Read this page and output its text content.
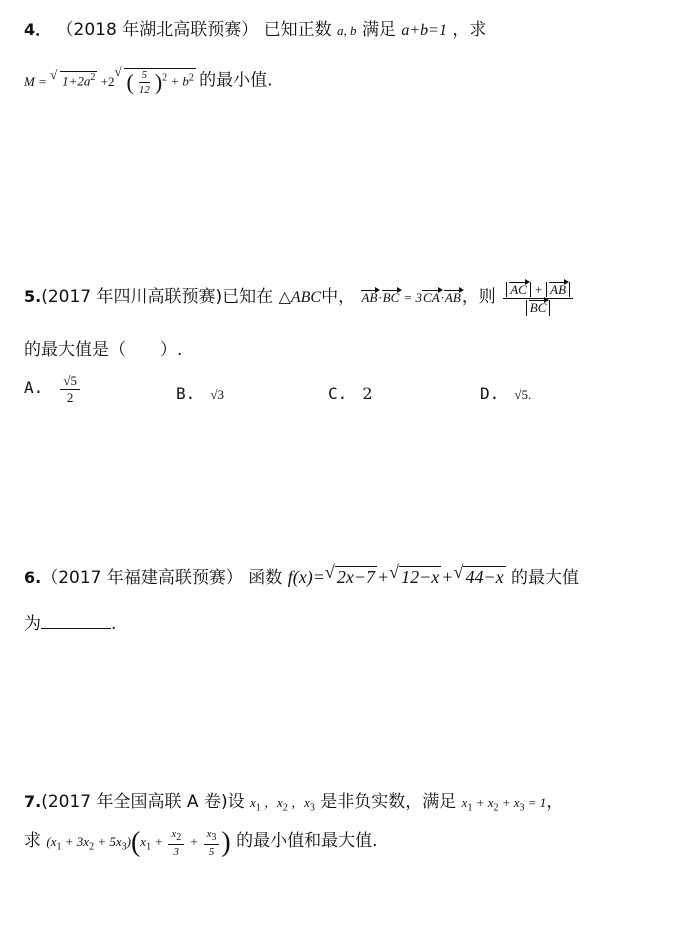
4． （2018 年湖北高联预赛） 已知正数 a, b 满足 a+b=1 ，求
M = √ $1+2a^2 +2√$ ( $\frac{5}{12} )^2 + b^2$ 的最小值.
5.(2017 年四川高联预赛)已知在 △ABC中， AB·BC = 3CA·AB，则 $\frac{AC + AB}{BC}$
的最大值是（　　）.
A. $\frac{√5}{2}$	B. √3	C. 2	D. √5.
6.（2017 年福建高联预赛） 函数 f(x)=√ 2x−7 +√ 12−x +√ 44−x 的最大值
为	.
7.(2017 年全国高联 A 卷)设 $x_1$ ，$x_2$ ，$x_3$ 是非负实数，满足 $x_1 + x_2 + x_3 = 1$，
求 $(x_1 + 3x_2 + 5x_3)(x_1 + \frac{x_2}{3} + \frac{x_3}{5}$ ) 的最小值和最大值.
